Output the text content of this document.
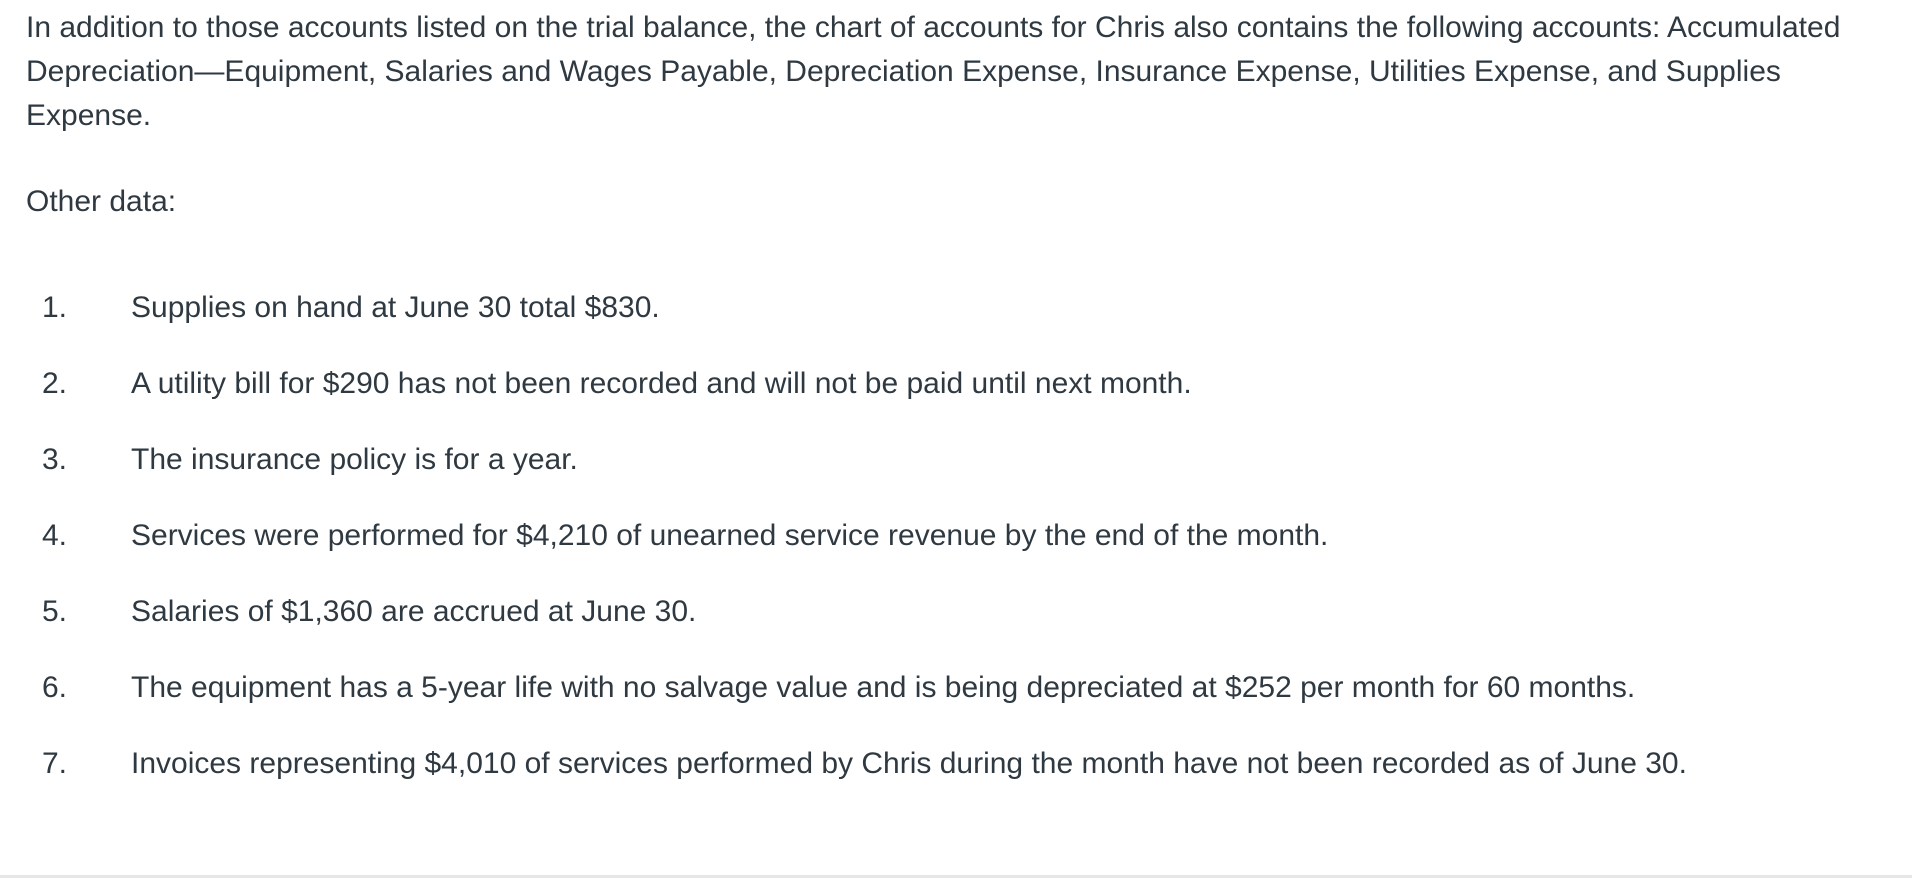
In addition to those accounts listed on the trial balance, the chart of accounts for Chris also contains the following accounts: Accumulated Depreciation—Equipment, Salaries and Wages Payable, Depreciation Expense, Insurance Expense, Utilities Expense, and Supplies Expense.

Other data:

1.	Supplies on hand at June 30 total $830.
2.	A utility bill for $290 has not been recorded and will not be paid until next month.
3.	The insurance policy is for a year.
4.	Services were performed for $4,210 of unearned service revenue by the end of the month.
5.	Salaries of $1,360 are accrued at June 30.
6.	The equipment has a 5-year life with no salvage value and is being depreciated at $252 per month for 60 months.
7.	Invoices representing $4,010 of services performed by Chris during the month have not been recorded as of June 30.
